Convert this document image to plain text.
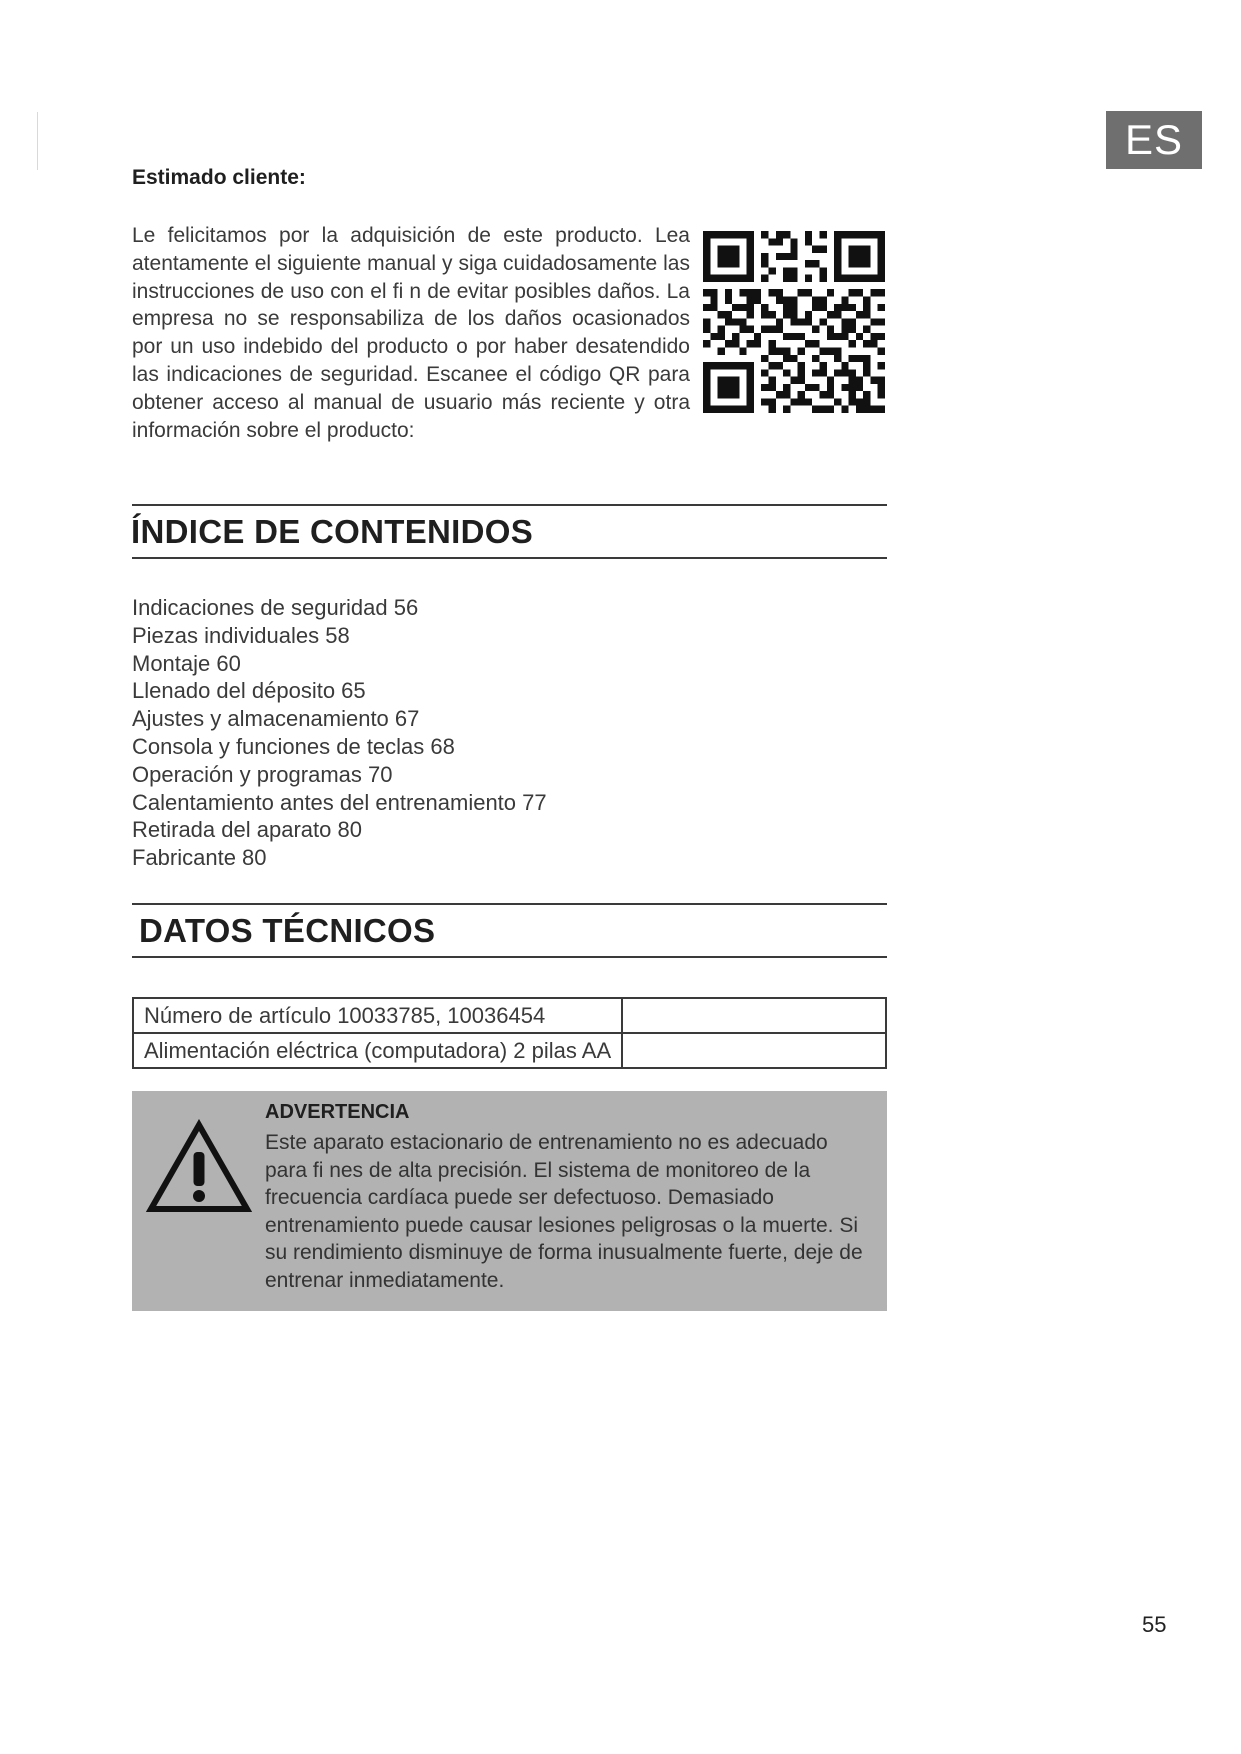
ES
Estimado cliente:

Le felicitamos por la adquisición de este producto. Lea atentamente el siguiente manual y siga cuidadosamente las instrucciones de uso con el fi n de evitar posibles daños. La empresa no se responsabiliza de los daños ocasionados por un uso indebido del producto o por haber desatendido las indicaciones de seguridad. Escanee el código QR para obtener acceso al manual de usuario más reciente y otra información sobre el producto:

ÍNDICE DE CONTENIDOS
Indicaciones de seguridad 56
Piezas individuales 58
Montaje 60
Llenado del déposito 65
Ajustes y almacenamiento 67
Consola y funciones de teclas 68
Operación y programas 70
Calentamiento antes del entrenamiento 77
Retirada del aparato 80
Fabricante 80
DATOS TÉCNICOS
Número de artículo 10033785, 10036454	
Alimentación eléctrica (computadora) 2 pilas AA	
ADVERTENCIA

Este aparato estacionario de entrenamiento no es adecuado para fi nes de alta precisión. El sistema de monitoreo de la frecuencia cardíaca puede ser defectuoso. Demasiado entrenamiento puede causar lesiones peligrosas o la muerte. Si su rendimiento disminuye de forma inusualmente fuerte, deje de entrenar inmediatamente.

55
